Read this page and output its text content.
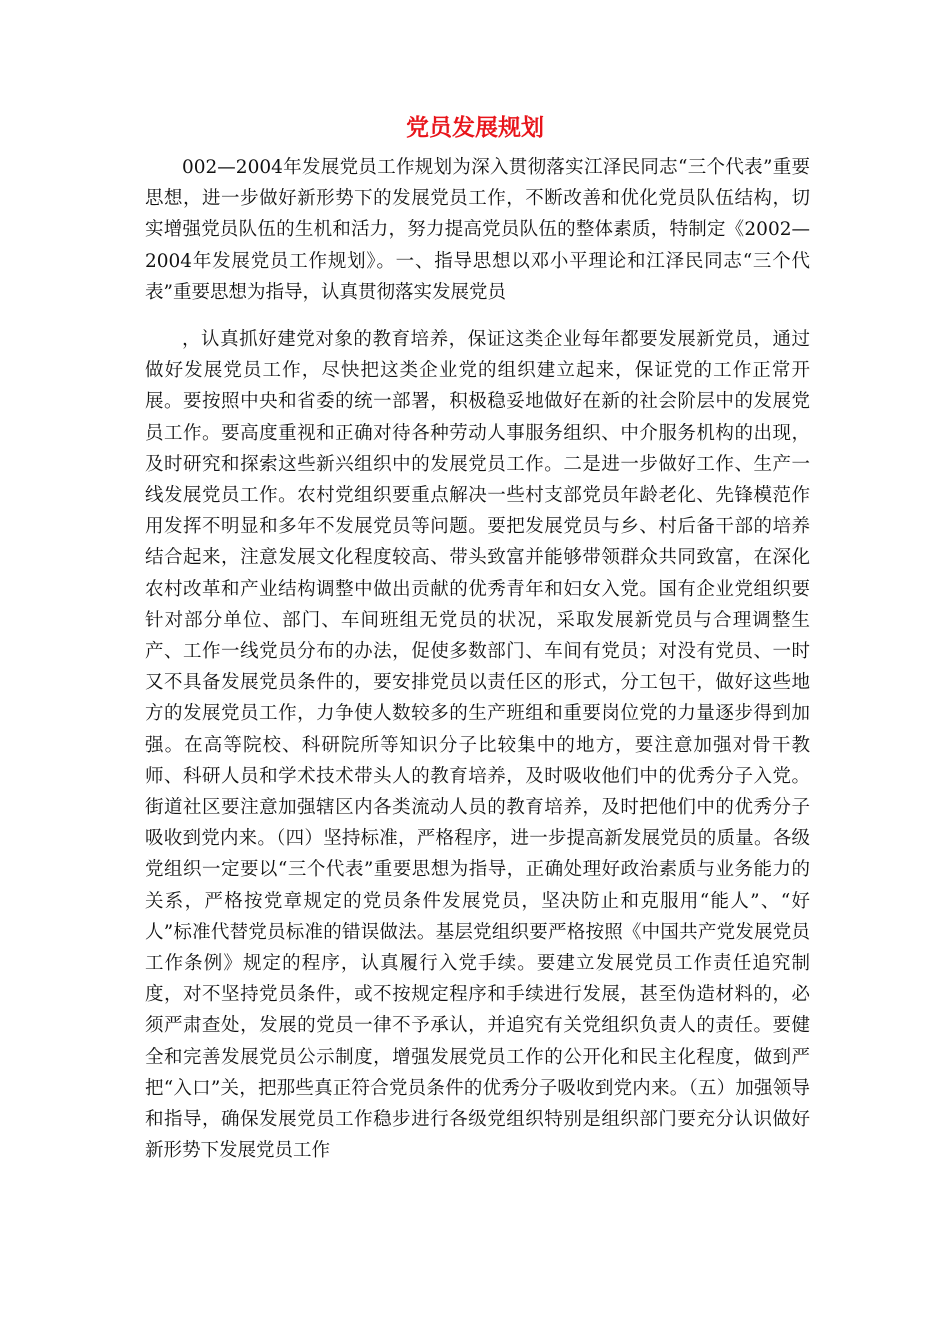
党员发展规划

002—2004年发展党员工作规划为深入贯彻落实江泽民同志“三个代表”重要思想，进一步做好新形势下的发展党员工作，不断改善和优化党员队伍结构，切实增强党员队伍的生机和活力，努力提高党员队伍的整体素质，特制定《2002—2004年发展党员工作规划》。一、指导思想以邓小平理论和江泽民同志“三个代表”重要思想为指导，认真贯彻落实发展党员

，认真抓好建党对象的教育培养，保证这类企业每年都要发展新党员，通过做好发展党员工作，尽快把这类企业党的组织建立起来，保证党的工作正常开展。要按照中央和省委的统一部署，积极稳妥地做好在新的社会阶层中的发展党员工作。要高度重视和正确对待各种劳动人事服务组织、中介服务机构的出现，及时研究和探索这些新兴组织中的发展党员工作。二是进一步做好工作、生产一线发展党员工作。农村党组织要重点解决一些村支部党员年龄老化、先锋模范作用发挥不明显和多年不发展党员等问题。要把发展党员与乡、村后备干部的培养结合起来，注意发展文化程度较高、带头致富并能够带领群众共同致富，在深化农村改革和产业结构调整中做出贡献的优秀青年和妇女入党。国有企业党组织要针对部分单位、部门、车间班组无党员的状况，采取发展新党员与合理调整生产、工作一线党员分布的办法，促使多数部门、车间有党员；对没有党员、一时又不具备发展党员条件的，要安排党员以责任区的形式，分工包干，做好这些地方的发展党员工作，力争使人数较多的生产班组和重要岗位党的力量逐步得到加强。在高等院校、科研院所等知识分子比较集中的地方，要注意加强对骨干教师、科研人员和学术技术带头人的教育培养，及时吸收他们中的优秀分子入党。街道社区要注意加强辖区内各类流动人员的教育培养，及时把他们中的优秀分子吸收到党内来。（四）坚持标准，严格程序，进一步提高新发展党员的质量。各级党组织一定要以“三个代表”重要思想为指导，正确处理好政治素质与业务能力的关系，严格按党章规定的党员条件发展党员，坚决防止和克服用“能人”、“好人”标准代替党员标准的错误做法。基层党组织要严格按照《中国共产党发展党员工作条例》规定的程序，认真履行入党手续。要建立发展党员工作责任追究制度，对不坚持党员条件，或不按规定程序和手续进行发展，甚至伪造材料的，必须严肃查处，发展的党员一律不予承认，并追究有关党组织负责人的责任。要健全和完善发展党员公示制度，增强发展党员工作的公开化和民主化程度，做到严把“入口”关，把那些真正符合党员条件的优秀分子吸收到党内来。（五）加强领导和指导，确保发展党员工作稳步进行各级党组织特别是组织部门要充分认识做好新形势下发展党员工作
